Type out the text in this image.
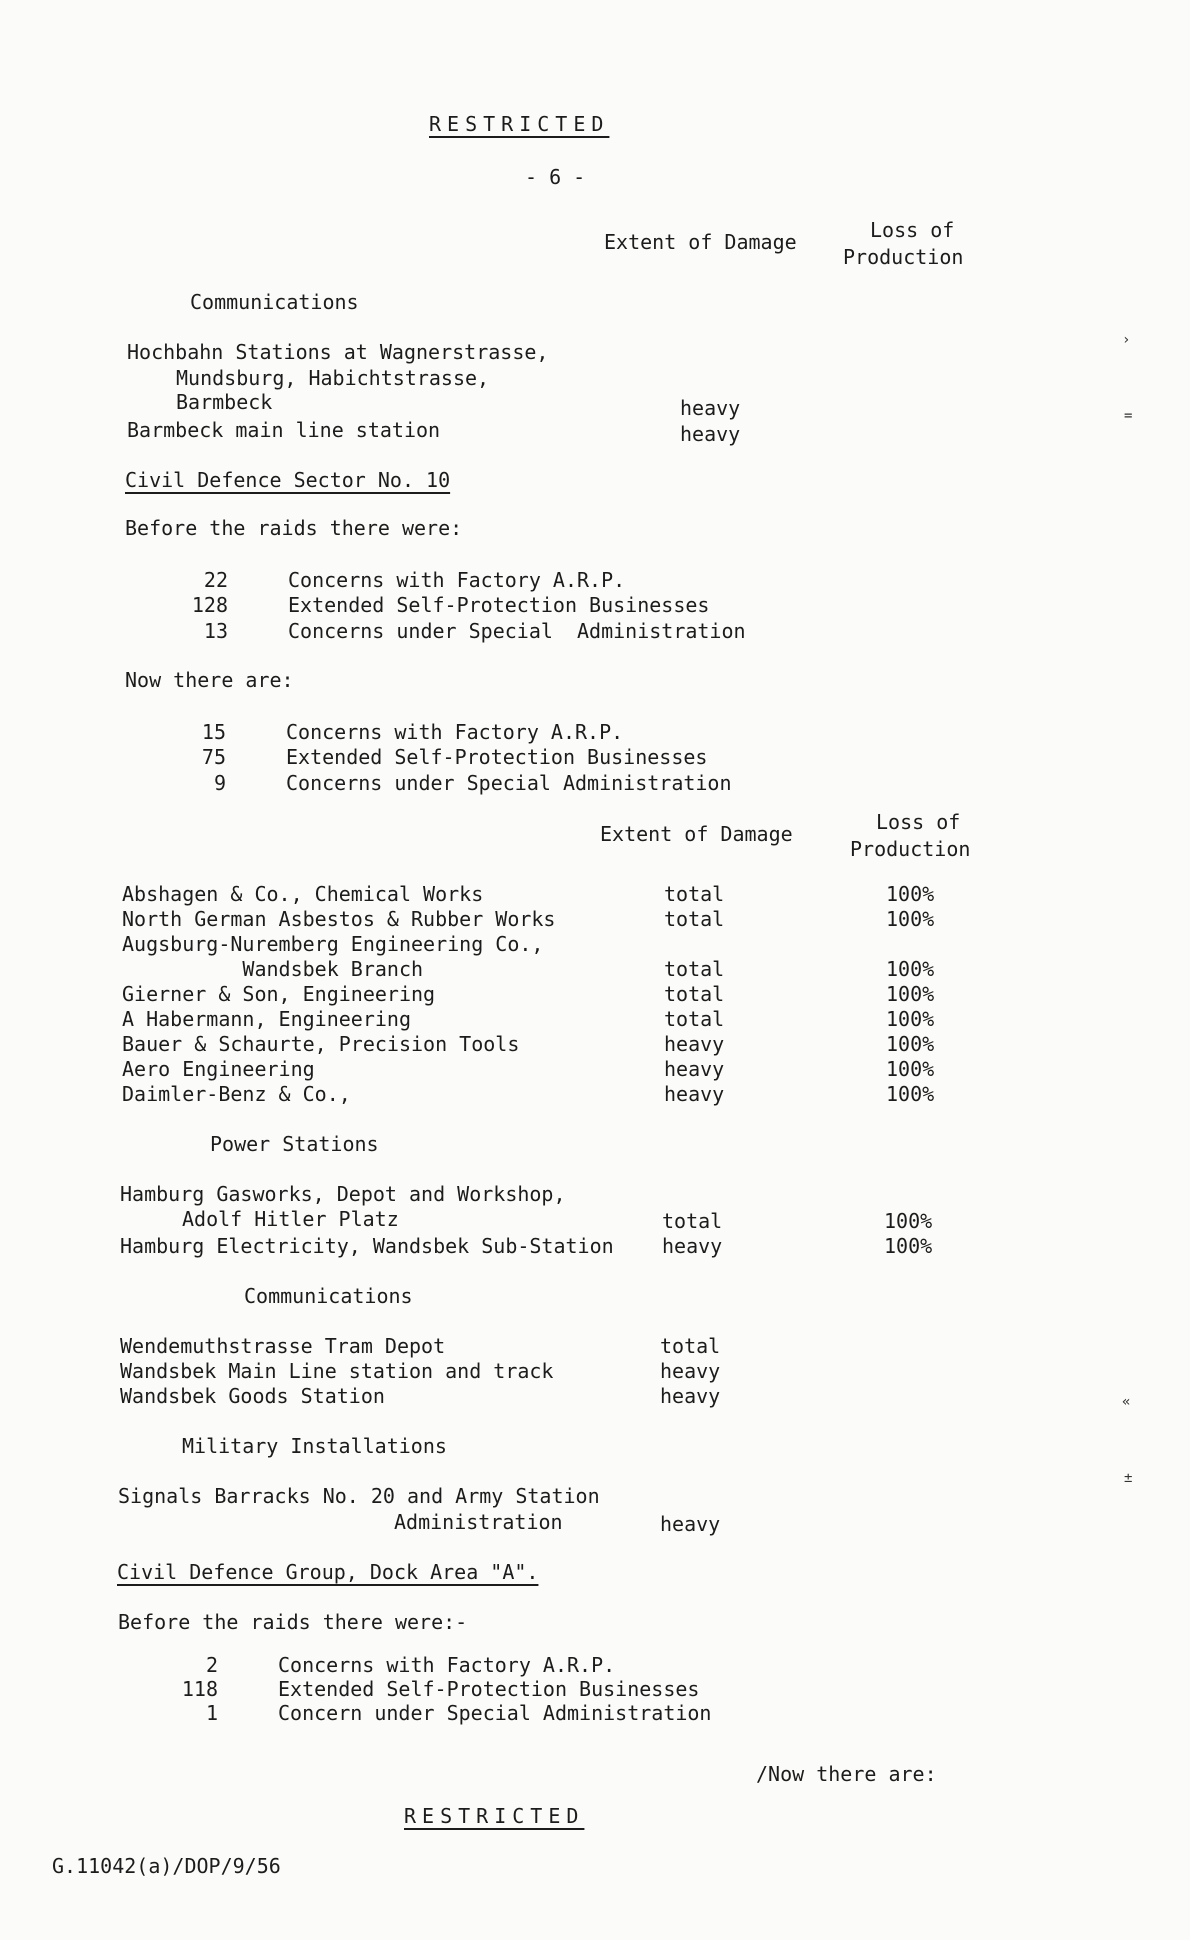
RESTRICTED
- 6 -
Extent of Damage	Loss of
Production
Communications
Hochbahn Stations at Wagnerstrasse,
Mundsburg, Habichtstrasse,
Barmbeck	heavy
Barmbeck main line station	heavy
Civil Defence Sector No. 10
Before the raids there were:
22	Concerns with Factory A.R.P.
128	Extended Self-Protection Businesses
13	Concerns under Special  Administration
Now there are:
15	Concerns with Factory A.R.P.
75	Extended Self-Protection Businesses
9	Concerns under Special Administration
Extent of Damage	Loss of
Production
Abshagen & Co., Chemical Works	total	100%
North German Asbestos & Rubber Works	total	100%
Augsburg-Nuremberg Engineering Co.,
Wandsbek Branch	total	100%
Gierner & Son, Engineering	total	100%
A Habermann, Engineering	total	100%
Bauer & Schaurte, Precision Tools	heavy	100%
Aero Engineering	heavy	100%
Daimler-Benz & Co.,	heavy	100%
Power Stations
Hamburg Gasworks, Depot and Workshop,
Adolf Hitler Platz	total	100%
Hamburg Electricity, Wandsbek Sub-Station heavy	100%
Communications
Wendemuthstrasse Tram Depot	total
Wandsbek Main Line station and track	heavy
Wandsbek Goods Station	heavy
Military Installations
Signals Barracks No. 20 and Army Station
Administration	heavy
Civil Defence Group, Dock Area "A".
Before the raids there were:-
2	Concerns with Factory A.R.P.
118	Extended Self-Protection Businesses
1	Concern under Special Administration
/Now there are:
RESTRICTED
G.11042(a)/DOP/9/56
›
=
«
±
